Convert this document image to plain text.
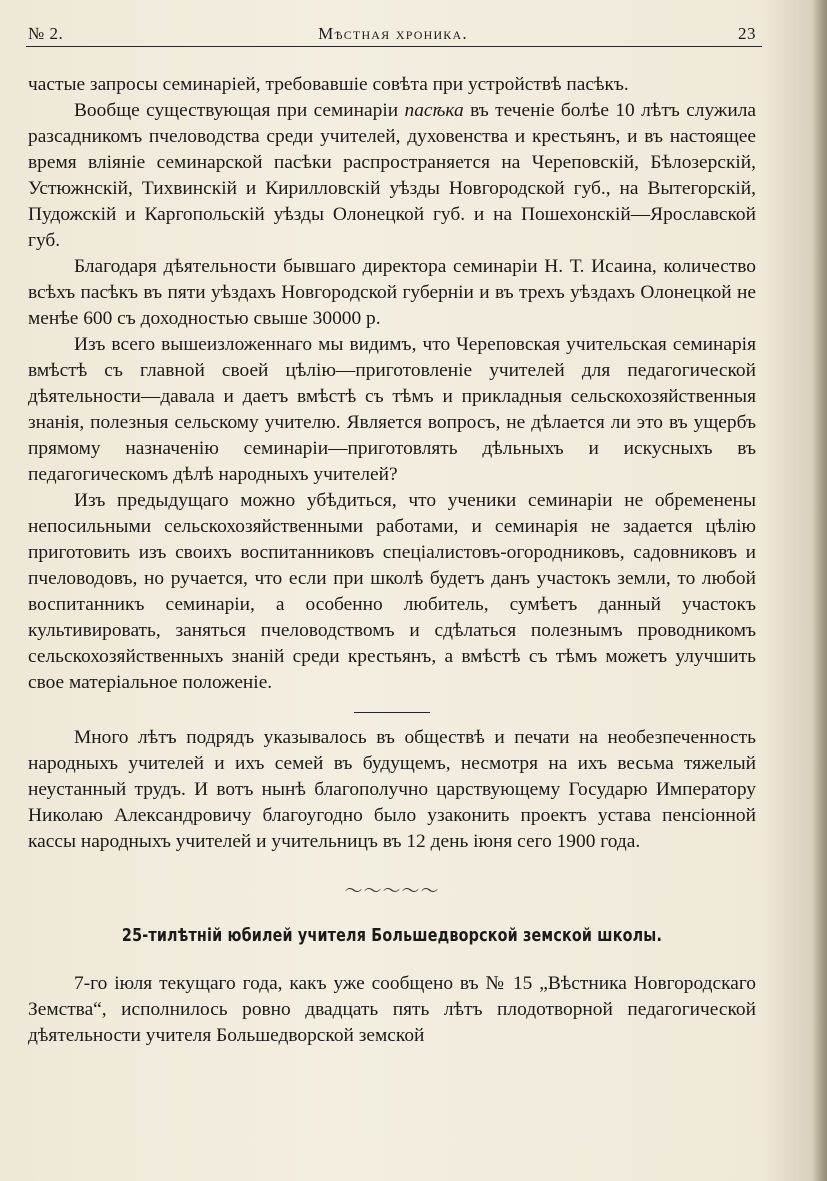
№ 2.	Мѣстная хроника.	23

частые запросы семинаріей, требовавшіе совѣта при устройствѣ пасѣкъ.

Вообще существующая при семинаріи пасѣка въ теченіе болѣе 10 лѣтъ служила разсадникомъ пчеловодства среди учителей, духовенства и крестьянъ, и въ настоящее время вліяніе семинарской пасѣки распространяется на Череповскій, Бѣлозерскій, Устюжнскій, Тихвинскій и Кирилловскій уѣзды Новгородской губ., на Вытегорскій, Пудожскій и Каргопольскій уѣзды Олонецкой губ. и на Пошехонскій—Ярославской губ.

Благодаря дѣятельности бывшаго директора семинаріи Н. Т. Исаина, количество всѣхъ пасѣкъ въ пяти уѣздахъ Новгородской губерніи и въ трехъ уѣздахъ Олонецкой не менѣе 600 съ доходностью свыше 30000 р.

Изъ всего вышеизложеннаго мы видимъ, что Череповская учительская семинарія вмѣстѣ съ главной своей цѣлію—приготовленіе учителей для педагогической дѣятельности—давала и даетъ вмѣстѣ съ тѣмъ и прикладныя сельскохозяйственныя знанія, полезныя сельскому учителю. Является вопросъ, не дѣлается ли это въ ущербъ прямому назначенію семинаріи—приготовлять дѣльныхъ и искусныхъ въ педагогическомъ дѣлѣ народныхъ учителей?

Изъ предыдущаго можно убѣдиться, что ученики семинаріи не обременены непосильными сельскохозяйственными работами, и семинарія не задается цѣлію приготовить изъ своихъ воспитанниковъ спеціалистовъ-огородниковъ, садовниковъ и пчеловодовъ, но ручается, что если при школѣ будетъ данъ участокъ земли, то любой воспитанникъ семинаріи, а особенно любитель, сумѣетъ данный участокъ культивировать, заняться пчеловодствомъ и сдѣлаться полезнымъ проводникомъ сельскохозяйственныхъ знаній среди крестьянъ, а вмѣстѣ съ тѣмъ можетъ улучшить свое матеріальное положеніе.

Много лѣтъ подрядъ указывалось въ обществѣ и печати на необезпеченность народныхъ учителей и ихъ семей въ будущемъ, несмотря на ихъ весьма тяжелый неустанный трудъ. И вотъ нынѣ благополучно царствующему Государю Императору Николаю Александровичу благоугодно было узаконить проектъ устава пенсіонной кассы народныхъ учителей и учительницъ въ 12 день іюня сего 1900 года.

〜〜〜〜〜
25-тилѣтній юбилей учителя Большедворской земской школы.

7-го іюля текущаго года, какъ уже сообщено въ № 15 „Вѣстника Новгородскаго Земства“, исполнилось ровно двадцать пять лѣтъ плодотворной педагогической дѣятельности учителя Большедворской земской
